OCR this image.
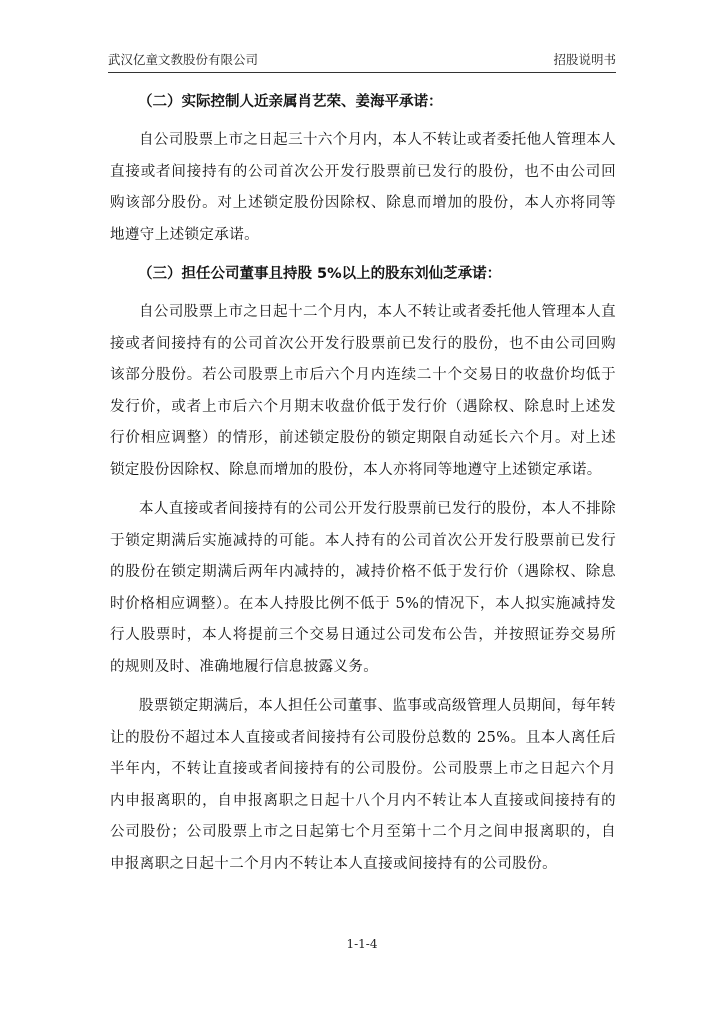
武汉亿童文教股份有限公司	招股说明书

（二）实际控制人近亲属肖艺荣、姜海平承诺：

自公司股票上市之日起三十六个月内，本人不转让或者委托他人管理本人直接或者间接持有的公司首次公开发行股票前已发行的股份，也不由公司回购该部分股份。对上述锁定股份因除权、除息而增加的股份，本人亦将同等地遵守上述锁定承诺。

（三）担任公司董事且持股 5%以上的股东刘仙芝承诺：

自公司股票上市之日起十二个月内，本人不转让或者委托他人管理本人直接或者间接持有的公司首次公开发行股票前已发行的股份，也不由公司回购该部分股份。若公司股票上市后六个月内连续二十个交易日的收盘价均低于发行价，或者上市后六个月期末收盘价低于发行价（遇除权、除息时上述发行价相应调整）的情形，前述锁定股份的锁定期限自动延长六个月。对上述锁定股份因除权、除息而增加的股份，本人亦将同等地遵守上述锁定承诺。

本人直接或者间接持有的公司公开发行股票前已发行的股份，本人不排除于锁定期满后实施减持的可能。本人持有的公司首次公开发行股票前已发行的股份在锁定期满后两年内减持的，减持价格不低于发行价（遇除权、除息时价格相应调整）。在本人持股比例不低于 5%的情况下，本人拟实施减持发行人股票时，本人将提前三个交易日通过公司发布公告，并按照证券交易所的规则及时、准确地履行信息披露义务。

股票锁定期满后，本人担任公司董事、监事或高级管理人员期间，每年转让的股份不超过本人直接或者间接持有公司股份总数的 25%。且本人离任后半年内，不转让直接或者间接持有的公司股份。公司股票上市之日起六个月内申报离职的，自申报离职之日起十八个月内不转让本人直接或间接持有的公司股份；公司股票上市之日起第七个月至第十二个月之间申报离职的，自申报离职之日起十二个月内不转让本人直接或间接持有的公司股份。

1-1-4
